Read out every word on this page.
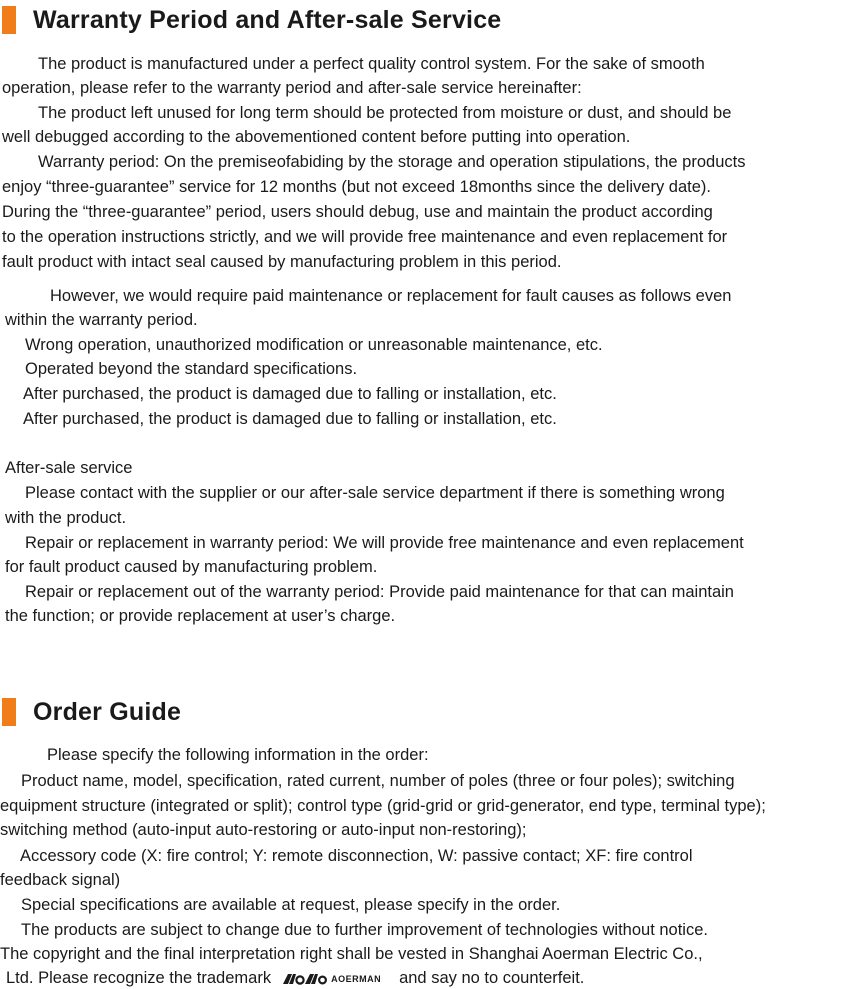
Warranty Period and After-sale Service
The product is manufactured under a perfect quality control system. For the sake of smooth
operation, please refer to the warranty period and after-sale service hereinafter:
The product left unused for long term should be protected from moisture or dust, and should be
well debugged according to the abovementioned content before putting into operation.
Warranty period: On the premiseofabiding by the storage and operation stipulations, the products
enjoy “three-guarantee” service for 12 months (but not exceed 18months since the delivery date).
During the “three-guarantee” period, users should debug, use and maintain the product according
to the operation instructions strictly, and we will provide free maintenance and even replacement for
fault product with intact seal caused by manufacturing problem in this period.
However, we would require paid maintenance or replacement for fault causes as follows even
within the warranty period.
Wrong operation, unauthorized modification or unreasonable maintenance, etc.
Operated beyond the standard specifications.
After purchased, the product is damaged due to falling or installation, etc.
After purchased, the product is damaged due to falling or installation, etc.
After-sale service
Please contact with the supplier or our after-sale service department if there is something wrong
with the product.
Repair or replacement in warranty period: We will provide free maintenance and even replacement
for fault product caused by manufacturing problem.
Repair or replacement out of the warranty period: Provide paid maintenance for that can maintain
the function; or provide replacement at user’s charge.
Order Guide
Please specify the following information in the order:
Product name, model, specification, rated current, number of poles (three or four poles); switching
equipment structure (integrated or split); control type (grid-grid or grid-generator, end type, terminal type);
switching method (auto-input auto-restoring or auto-input non-restoring);
Accessory code (X: fire control; Y: remote disconnection, W: passive contact; XF: fire control
feedback signal)
Special specifications are available at request, please specify in the order.
The products are subject to change due to further improvement of technologies without notice.
The copyright and the final interpretation right shall be vested in Shanghai Aoerman Electric Co.,
Ltd. Please recognize the trademark	AOERMAN and say no to counterfeit.
